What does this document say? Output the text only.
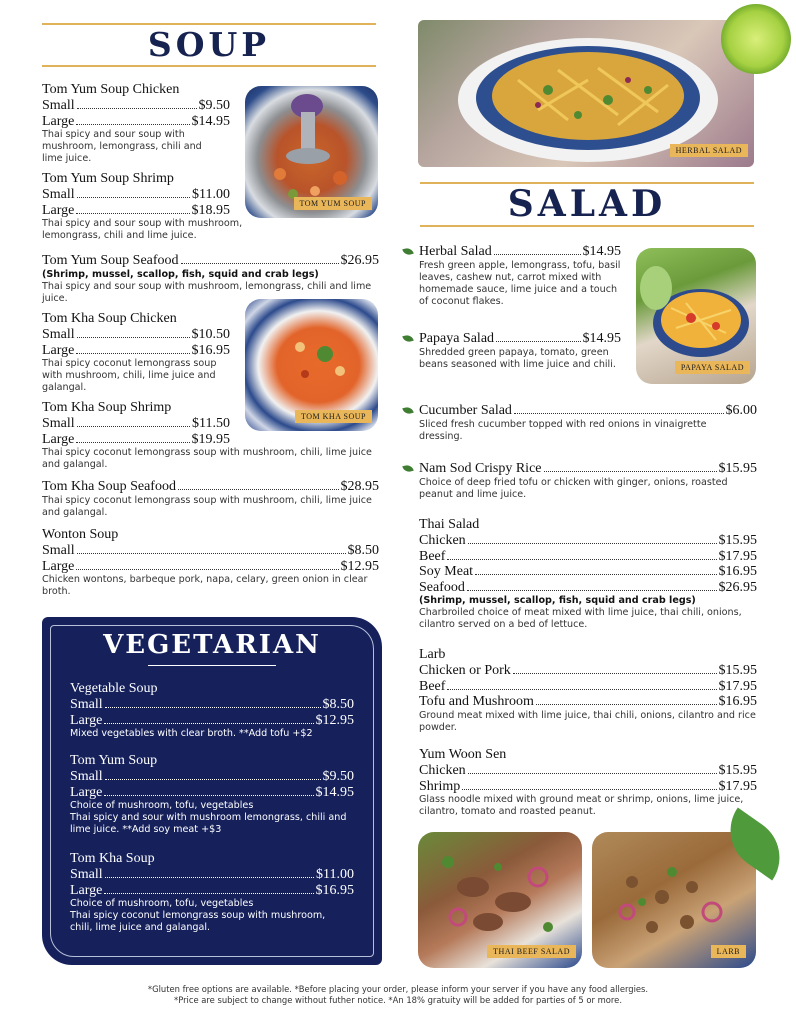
SOUP
Tom Yum Soup Chicken
Small	$9.50
Large	$14.95
Thai spicy and sour soup with mushroom, lemongrass, chili and lime juice.
Tom Yum Soup Shrimp
Small	$11.00
Large	$18.95
Thai spicy and sour soup with mushroom, lemongrass, chili and lime juice.
Tom Yum Soup Seafood	$26.95
(Shrimp, mussel, scallop, fish, squid and crab legs)
Thai spicy and sour soup with mushroom, lemongrass, chili and lime juice.
Tom Kha Soup Chicken
Small	$10.50
Large	$16.95
Thai spicy coconut lemongrass soup with mushroom, chili, lime juice and galangal.
Tom Kha Soup Shrimp
Small	$11.50
Large	$19.95
Thai spicy coconut lemongrass soup with mushroom, chili, lime juice and galangal.
Tom Kha Soup Seafood	$28.95
Thai spicy coconut lemongrass soup with mushroom, chili, lime juice and galangal.
Wonton Soup
Small	$8.50
Large	$12.95
Chicken wontons, barbeque pork, napa, celary, green onion in clear broth.
TOM YUM SOUP
TOM KHA SOUP
VEGETARIAN
Vegetable Soup
Small	$8.50
Large	$12.95
Mixed vegetables with clear broth. **Add tofu +$2
Tom Yum Soup
Small	$9.50
Large	$14.95
Choice of mushroom, tofu, vegetables
Thai spicy and sour with mushroom lemongrass, chili and lime juice. **Add soy meat +$3
Tom Kha Soup
Small	$11.00
Large	$16.95
Choice of mushroom, tofu, vegetables
Thai spicy coconut lemongrass soup with mushroom, chili, lime juice and galangal.
HERBAL SALAD
SALAD
Herbal Salad	$14.95
Fresh green apple, lemongrass, tofu, basil leaves, cashew nut, carrot mixed with homemade sauce, lime juice and a touch of coconut flakes.
Papaya Salad	$14.95
Shredded green papaya, tomato, green beans seasoned with lime juice and chili.	PAPAYA SALAD
Cucumber Salad	$6.00
Sliced fresh cucumber topped with red onions in vinaigrette dressing.
Nam Sod Crispy Rice	$15.95
Choice of deep fried tofu or chicken with ginger, onions, roasted peanut and lime juice.
Thai Salad
Chicken	$15.95
Beef	$17.95
Soy Meat	$16.95
Seafood	$26.95
(Shrimp, mussel, scallop, fish, squid and crab legs)
Charbroiled choice of meat mixed with lime juice, thai chili, onions, cilantro served on a bed of lettuce.
Larb
Chicken or Pork	$15.95
Beef	$17.95
Tofu and Mushroom	$16.95
Ground meat mixed with lime juice, thai chili, onions, cilantro and rice powder.
Yum Woon Sen
Chicken	$15.95
Shrimp	$17.95
Glass noodle mixed with ground meat or shrimp, onions, lime juice, cilantro, tomato and roasted peanut.
THAI BEEF SALAD	LARB
*Gluten free options are available. *Before placing your order, please inform your server if you have any food allergies.
*Price are subject to change without futher notice. *An 18% gratuity will be added for parties of 5 or more.
